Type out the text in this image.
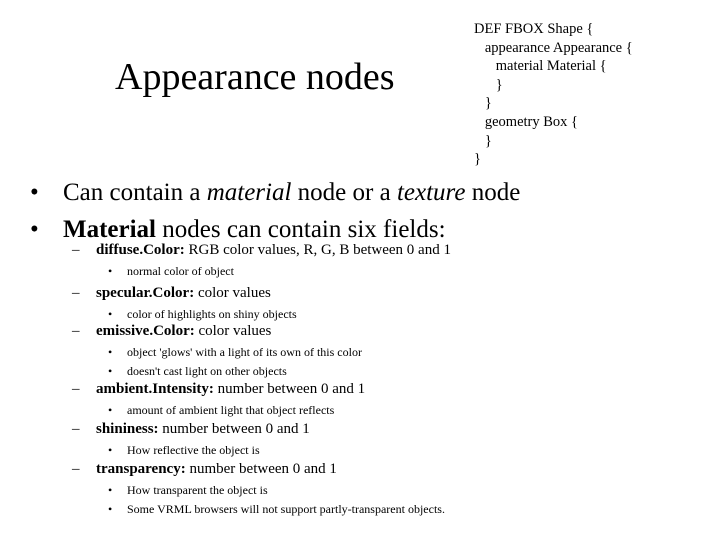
Appearance nodes
DEF FBOX Shape {
appearance Appearance {
material Material {
}
}
geometry Box {
}
}
• Can contain a material node or a texture node
• Material nodes can contain six fields:
– diffuse.Color: RGB color values, R, G, B between 0 and 1
• normal color of object
– specular.Color: color values
• color of highlights on shiny objects
– emissive.Color: color values
• object 'glows' with a light of its own of this color
• doesn't cast light on other objects
– ambient.Intensity: number between 0 and 1
• amount of ambient light that object reflects
– shininess: number between 0 and 1
• How reflective the object is
– transparency: number between 0 and 1
• How transparent the object is
• Some VRML browsers will not support partly-transparent objects.
